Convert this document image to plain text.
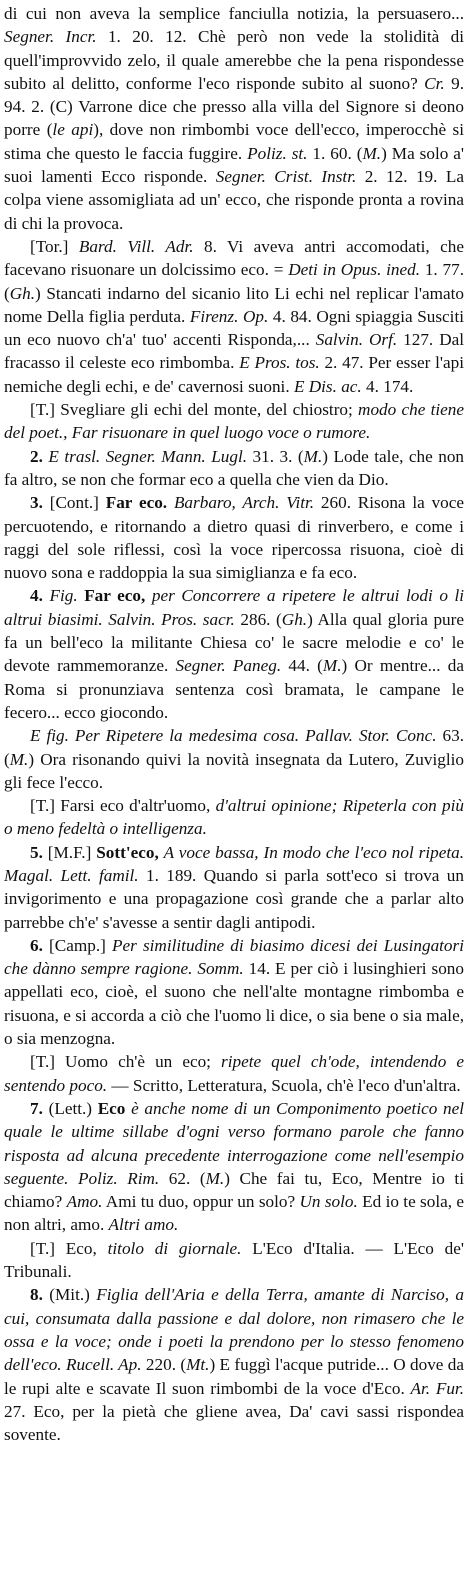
di cui non aveva la semplice fanciulla notizia, la persuasero... Segner. Incr. 1. 20. 12. Chè però non vede la stolidità di quell'improvvido zelo, il quale amerebbe che la pena rispondesse subito al delitto, conforme l'eco risponde subito al suono? Cr. 9. 94. 2. (C) Varrone dice che presso alla villa del Signore si deono porre (le api), dove non rimbombi voce dell'ecco, imperocchè si stima che questo le faccia fuggire. Poliz. st. 1. 60. (M.) Ma solo a' suoi lamenti Ecco risponde. Segner. Crist. Instr. 2. 12. 19. La colpa viene assomigliata ad un' ecco, che risponde pronta a rovina di chi la provoca.

[Tor.] Bard. Vill. Adr. 8. Vi aveva antri accomodati, che facevano risuonare un dolcissimo eco. = Deti in Opus. ined. 1. 77. (Gh.) Stancati indarno del sicanio lito Li echi nel replicar l'amato nome Della figlia perduta. Firenz. Op. 4. 84. Ogni spiaggia Susciti un eco nuovo ch'a' tuo' accenti Risponda,... Salvin. Orf. 127. Dal fracasso il celeste eco rimbomba. E Pros. tos. 2. 47. Per esser l'api nemiche degli echi, e de' cavernosi suoni. E Dis. ac. 4. 174.

[T.] Svegliare gli echi del monte, del chiostro; modo che tiene del poet., Far risuonare in quel luogo voce o rumore.

2. E trasl. Segner. Mann. Lugl. 31. 3. (M.) Lode tale, che non fa altro, se non che formar eco a quella che vien da Dio.

3. [Cont.] Far eco. Barbaro, Arch. Vitr. 260. Risona la voce percuotendo, e ritornando a dietro quasi di rinverbero, e come i raggi del sole riflessi, così la voce ripercossa risuona, cioè di nuovo sona e raddoppia la sua simiglianza e fa eco.

4. Fig. Far eco, per Concorrere a ripetere le altrui lodi o li altrui biasimi. Salvin. Pros. sacr. 286. (Gh.) Alla qual gloria pure fa un bell'eco la militante Chiesa co' le sacre melodie e co' le devote rammemoranze. Segner. Paneg. 44. (M.) Or mentre... da Roma si pronunziava sentenza così bramata, le campane le fecero... ecco giocondo.

E fig. Per Ripetere la medesima cosa. Pallav. Stor. Conc. 63. (M.) Ora risonando quivi la novità insegnata da Lutero, Zuviglio gli fece l'ecco.

[T.] Farsi eco d'altr'uomo, d'altrui opinione; Ripeterla con più o meno fedeltà o intelligenza.

5. [M.F.] Sott'eco, A voce bassa, In modo che l'eco nol ripeta. Magal. Lett. famil. 1. 189. Quando si parla sott'eco si trova un invigorimento e una propagazione così grande che a parlar alto parrebbe ch'e' s'avesse a sentir dagli antipodi.

6. [Camp.] Per similitudine di biasimo dicesi dei Lusingatori che dànno sempre ragione. Somm. 14. E per ciò i lusinghieri sono appellati eco, cioè, el suono che nell'alte montagne rimbomba e risuona, e si accorda a ciò che l'uomo li dice, o sia bene o sia male, o sia menzogna.

[T.] Uomo ch'è un eco; ripete quel ch'ode, intendendo e sentendo poco. — Scritto, Letteratura, Scuola, ch'è l'eco d'un'altra.

7. (Lett.) Eco è anche nome di un Componimento poetico nel quale le ultime sillabe d'ogni verso formano parole che fanno risposta ad alcuna precedente interrogazione come nell'esempio seguente. Poliz. Rim. 62. (M.) Che fai tu, Eco, Mentre io ti chiamo? Amo. Ami tu duo, oppur un solo? Un solo. Ed io te sola, e non altri, amo. Altri amo.

[T.] Eco, titolo di giornale. L'Eco d'Italia. — L'Eco de' Tribunali.

8. (Mit.) Figlia dell'Aria e della Terra, amante di Narciso, a cui, consumata dalla passione e dal dolore, non rimasero che le ossa e la voce; onde i poeti la prendono per lo stesso fenomeno dell'eco. Rucell. Ap. 220. (Mt.) E fuggì l'acque putride... O dove da le rupi alte e scavate Il suon rimbombi de la voce d'Eco. Ar. Fur. 27. Eco, per la pietà che gliene avea, Da' cavi sassi rispondea sovente.
